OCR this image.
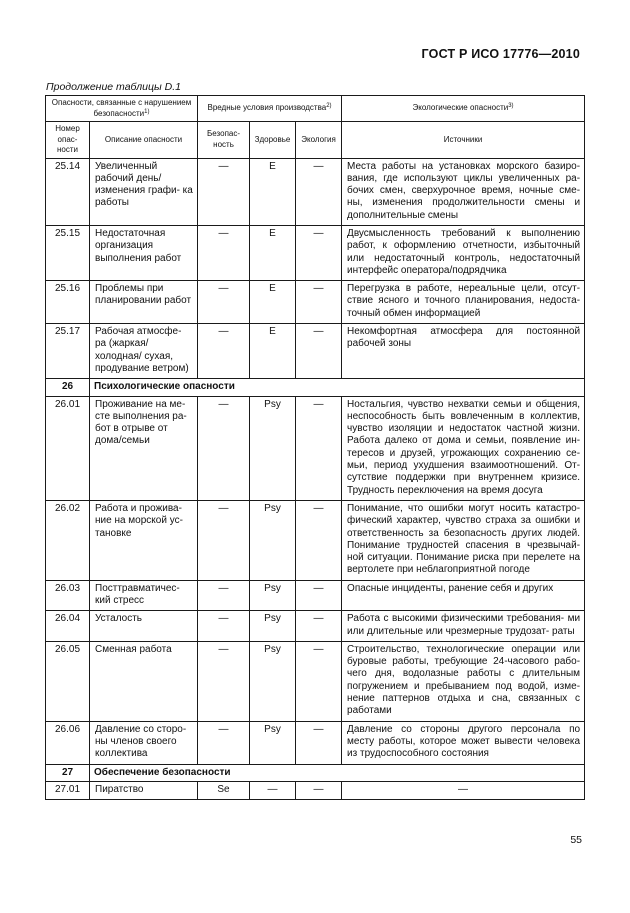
ГОСТ Р ИСО 17776—2010
Продолжение таблицы D.1
Опасности, связанные с нарушением безопасности$^{1)}$		Вредные условия производства$^{2)}$			Экологические опасности$^{3)}$
Номер опас- ности	Описание опасности	Безопас- ность	Здоровье	Экология	Источники
25.14	Увеличенный рабочий день/ изменения графи- ка работы	—	E	—	Места работы на установках морского базиро- вания, где используют циклы увеличенных ра- бочих смен, сверхурочное время, ночные сме- ны, изменения продолжительности смены и дополнительные смены
25.15	Недостаточная организация выполнения работ	—	E	—	Двусмысленность требований к выполнению работ, к оформлению отчетности, избыточный или недостаточный контроль, недостаточный интерфейс оператора/подрядчика
25.16	Проблемы при планировании работ	—	E	—	Перегрузка в работе, нереальные цели, отсут- ствие ясного и точного планирования, недоста- точный обмен информацией
25.17	Рабочая атмосфе- ра (жаркая/ холодная/ сухая, продувание ветром)	—	E	—	Некомфортная атмосфера для постоянной рабочей зоны
26	Психологические опасности				
26.01	Проживание на ме- сте выполнения ра- бот в отрыве от дома/семьи	—	Psy	—	Ностальгия, чувство нехватки семьи и общения, неспособность быть вовлеченным в коллектив, чувство изоляции и недостаток частной жизни. Работа далеко от дома и семьи, появление ин- тересов и друзей, угрожающих сохранению се- мьи, период ухудшения взаимоотношений. От- сутствие поддержки при внутреннем кризисе. Трудность переключения на время досуга
26.02	Работа и прожива- ние на морской ус- тановке	—	Psy	—	Понимание, что ошибки могут носить катастро- фический характер, чувство страха за ошибки и ответственность за безопасность других людей. Понимание трудностей спасения в чрезвычай- ной ситуации. Понимание риска при перелете на вертолете при неблагоприятной погоде
26.03	Посттравматичес- кий стресс	—	Psy	—	Опасные инциденты, ранение себя и других
26.04	Усталость	—	Psy	—	Работа с высокими физическими требования- ми или длительные или чрезмерные трудозат- раты
26.05	Сменная работа	—	Psy	—	Строительство, технологические операции или буровые работы, требующие 24-часового рабо- чего дня, водолазные работы с длительным погружением и пребыванием под водой, изме- нение паттернов отдыха и сна, связанных с работами
26.06	Давление со сторо- ны членов своего коллектива	—	Psy	—	Давление со стороны другого персонала по месту работы, которое может вывести человека из трудоспособного состояния
27	Обеспечение безопасности				
27.01	Пиратство	Se	—	—	—
55
